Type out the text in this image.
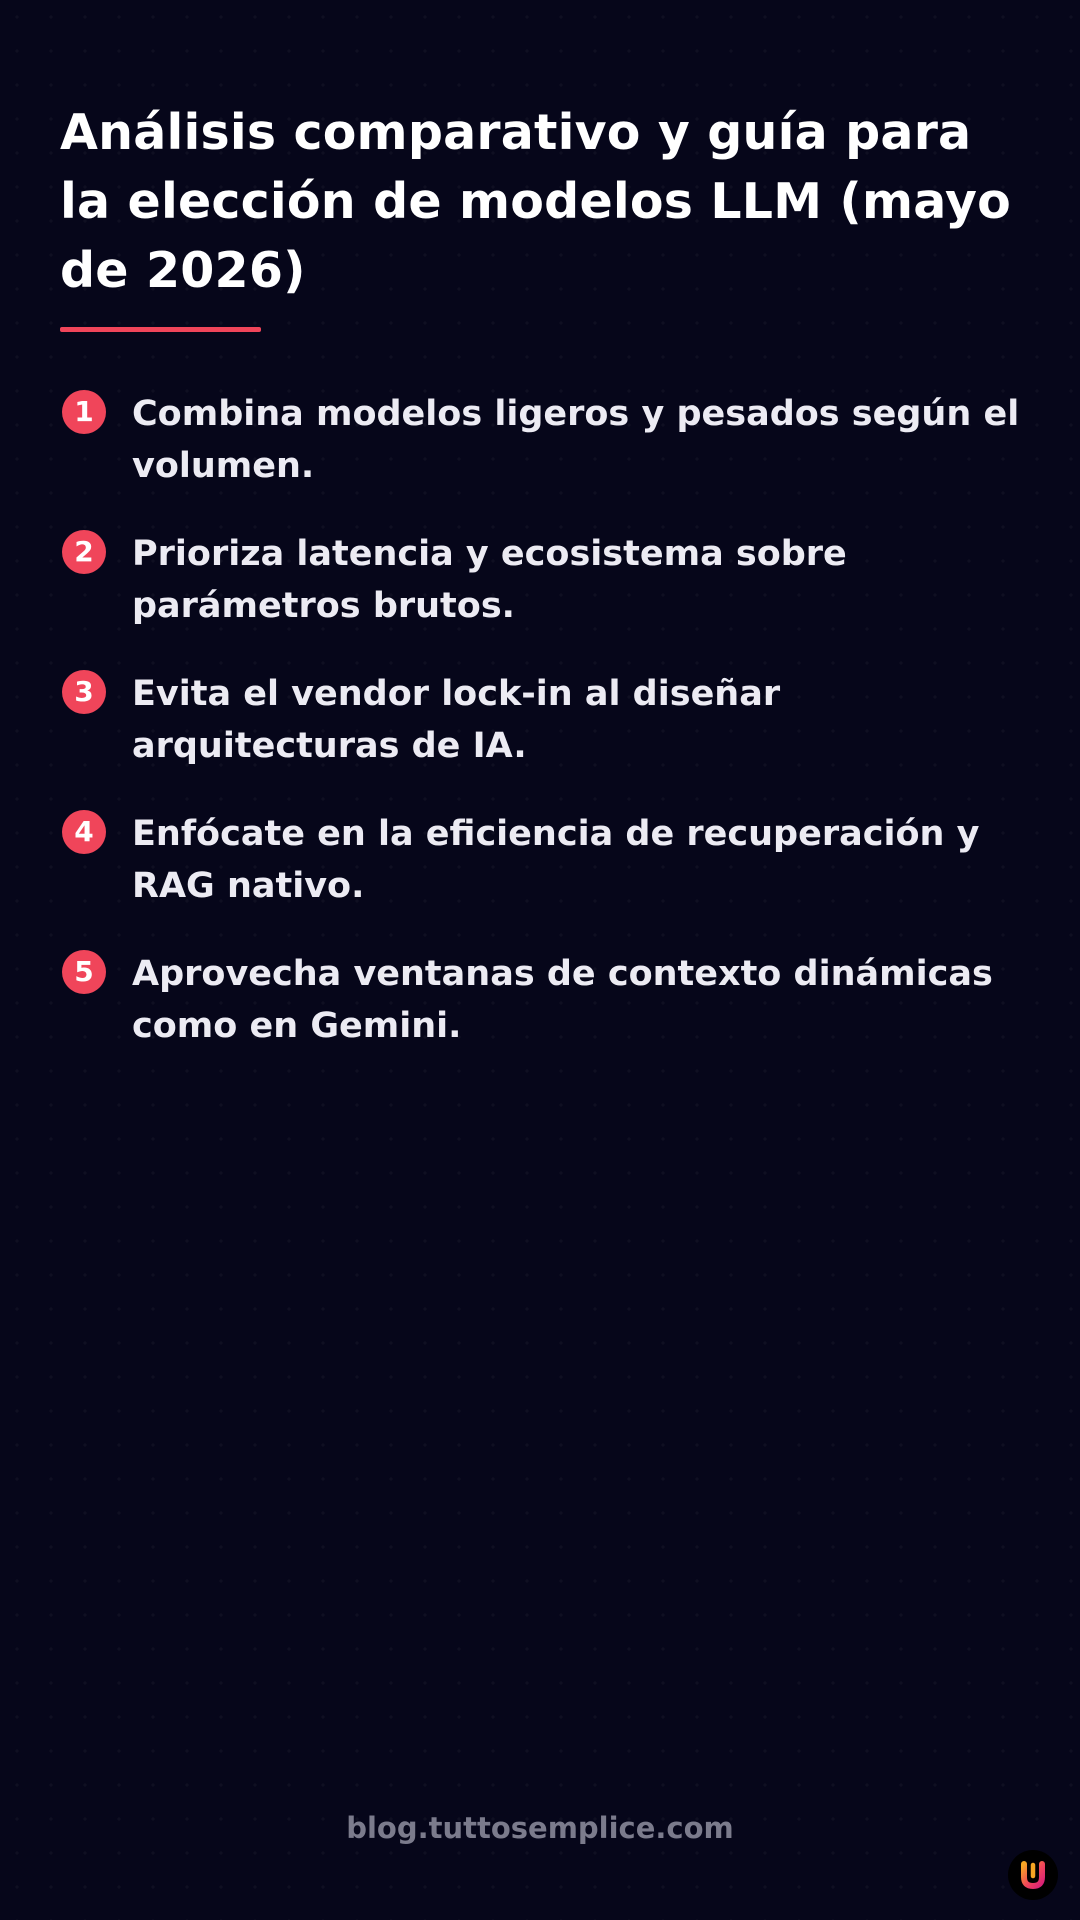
Análisis comparativo y guía para la elección de modelos LLM (mayo de 2026)
1	Combina modelos ligeros y pesados según el volumen.
2	Prioriza latencia y ecosistema sobre parámetros brutos.
3	Evita el vendor lock-in al diseñar arquitecturas de IA.
4	Enfócate en la eficiencia de recuperación y RAG nativo.
5	Aprovecha ventanas de contexto dinámicas como en Gemini.
blog.tuttosemplice.com
